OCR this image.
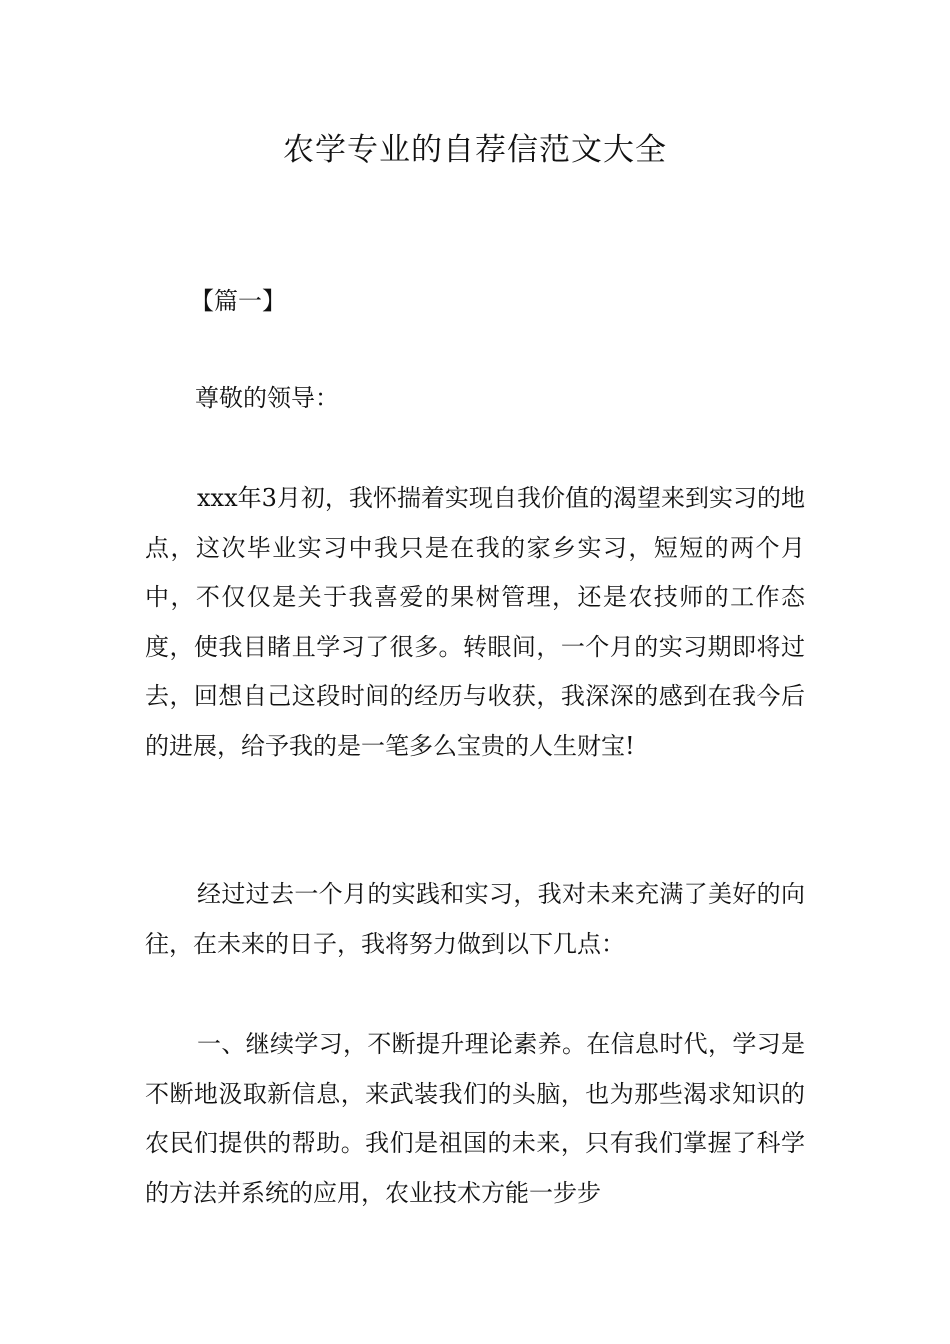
农学专业的自荐信范文大全

【篇一】

尊敬的领导：

xxx年3月初，我怀揣着实现自我价值的渴望来到实习的地点，这次毕业实习中我只是在我的家乡实习，短短的两个月中，不仅仅是关于我喜爱的果树管理，还是农技师的工作态度，使我目睹且学习了很多。转眼间，一个月的实习期即将过去，回想自己这段时间的经历与收获，我深深的感到在我今后的进展，给予我的是一笔多么宝贵的人生财宝!

经过过去一个月的实践和实习，我对未来充满了美好的向往，在未来的日子，我将努力做到以下几点：

一、继续学习，不断提升理论素养。在信息时代，学习是不断地汲取新信息，来武装我们的头脑，也为那些渴求知识的农民们提供的帮助。我们是祖国的未来，只有我们掌握了科学的方法并系统的应用，农业技术方能一步步
